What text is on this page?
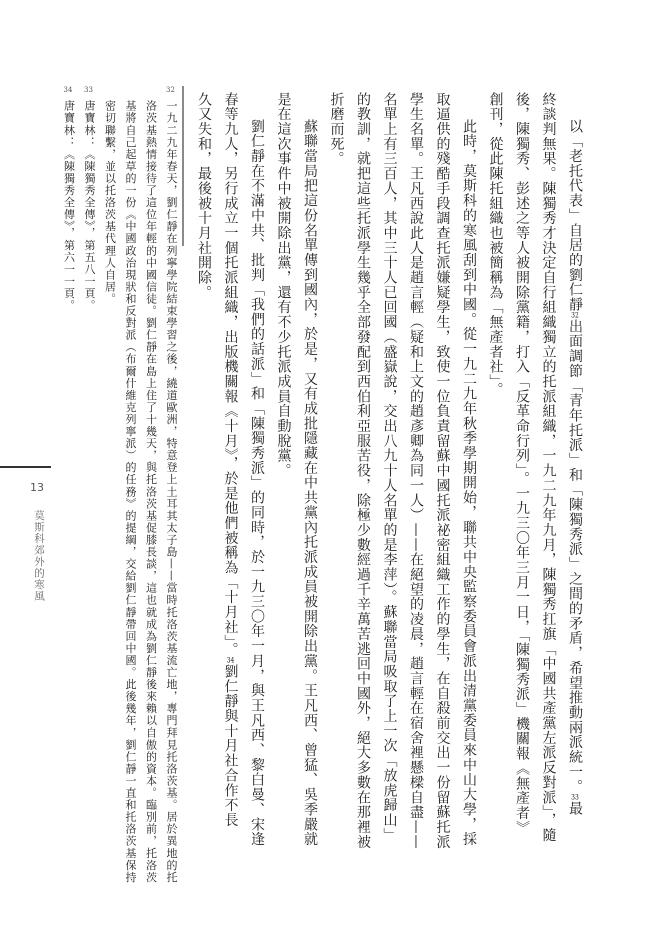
以「老托代表」自居的劉仁靜32出面調節「青年托派」和「陳獨秀派」之間的矛盾，希望推動兩派統一。33最
終談判無果。陳獨秀才決定自行組織獨立的托派組織，一九二九年九月，陳獨秀扛旗「中國共產黨左派反對派」，隨
後，陳獨秀、彭述之等人被開除黨籍，打入「反革命行列」。一九三〇年三月一日，「陳獨秀派」機關報《無產者》
創刊，從此陳托組織也被簡稱為「無產者社」。
此時，莫斯科的寒風刮到中國。從一九二九年秋季學期開始，聯共中央監察委員會派出清黨委員來中山大學，採
取逼供的殘酷手段調查托派嫌疑學生，致使一位負責留蘇中國托派祕密組織工作的學生，在自殺前交出一份留蘇托派
學生名單。王凡西說此人是趙言輕（疑和上文的趙彥卿為同一人）——在絕望的凌晨，趙言輕在宿舍裡懸樑自盡——
名單上有三百人，其中三十人已回國（盛嶽說，交出八九十人名單的是李萍）。蘇聯當局吸取了上一次「放虎歸山」
的教訓，就把這些托派學生幾乎全部發配到西伯利亞服苦役，除極少數經過千辛萬苦逃回中國外，絕大多數在那裡被
折磨而死。
蘇聯當局把這份名單傳到國內，於是，又有成批隱藏在中共黨內托派成員被開除出黨。王凡西、曾猛、吳季嚴就
是在這次事件中被開除出黨，還有不少托派成員自動脫黨。
劉仁靜在不滿中共、批判「我們的話派」和「陳獨秀派」的同時，於一九三〇年一月，與王凡西、黎白曼、宋逢
春等九人，另行成立一個托派組織，出版機關報《十月》，於是他們被稱為「十月社」。34劉仁靜與十月社合作不長
久又失和，最後被十月社開除。
32
一九二九年春天，劉仁靜在列寧學院結束學習之後，繞道歐洲，特意登上土耳其太子島——當時托洛茨基流亡地，專門拜見托洛茨基。居於異地的托
洛茨基熱情接待了這位年輕的中國信徒。劉仁靜在島上住了十幾天，與托洛茨基促膝長談，這也就成為劉仁靜後來賴以自傲的資本。臨別前，托洛茨
基將自己起草的一份《中國政治現狀和反對派（布爾什維克列寧派）的任務》的提綱，交給劉仁靜帶回中國。此後幾年，劉仁靜一直和托洛茨基保持
密切聯繫，並以托洛茨基代理人自居。
33
唐寶林：《陳獨秀全傳》，第五八一頁。
34
唐寶林：《陳獨秀全傳》，第六一一頁。
13
莫斯科郊外的寒風
